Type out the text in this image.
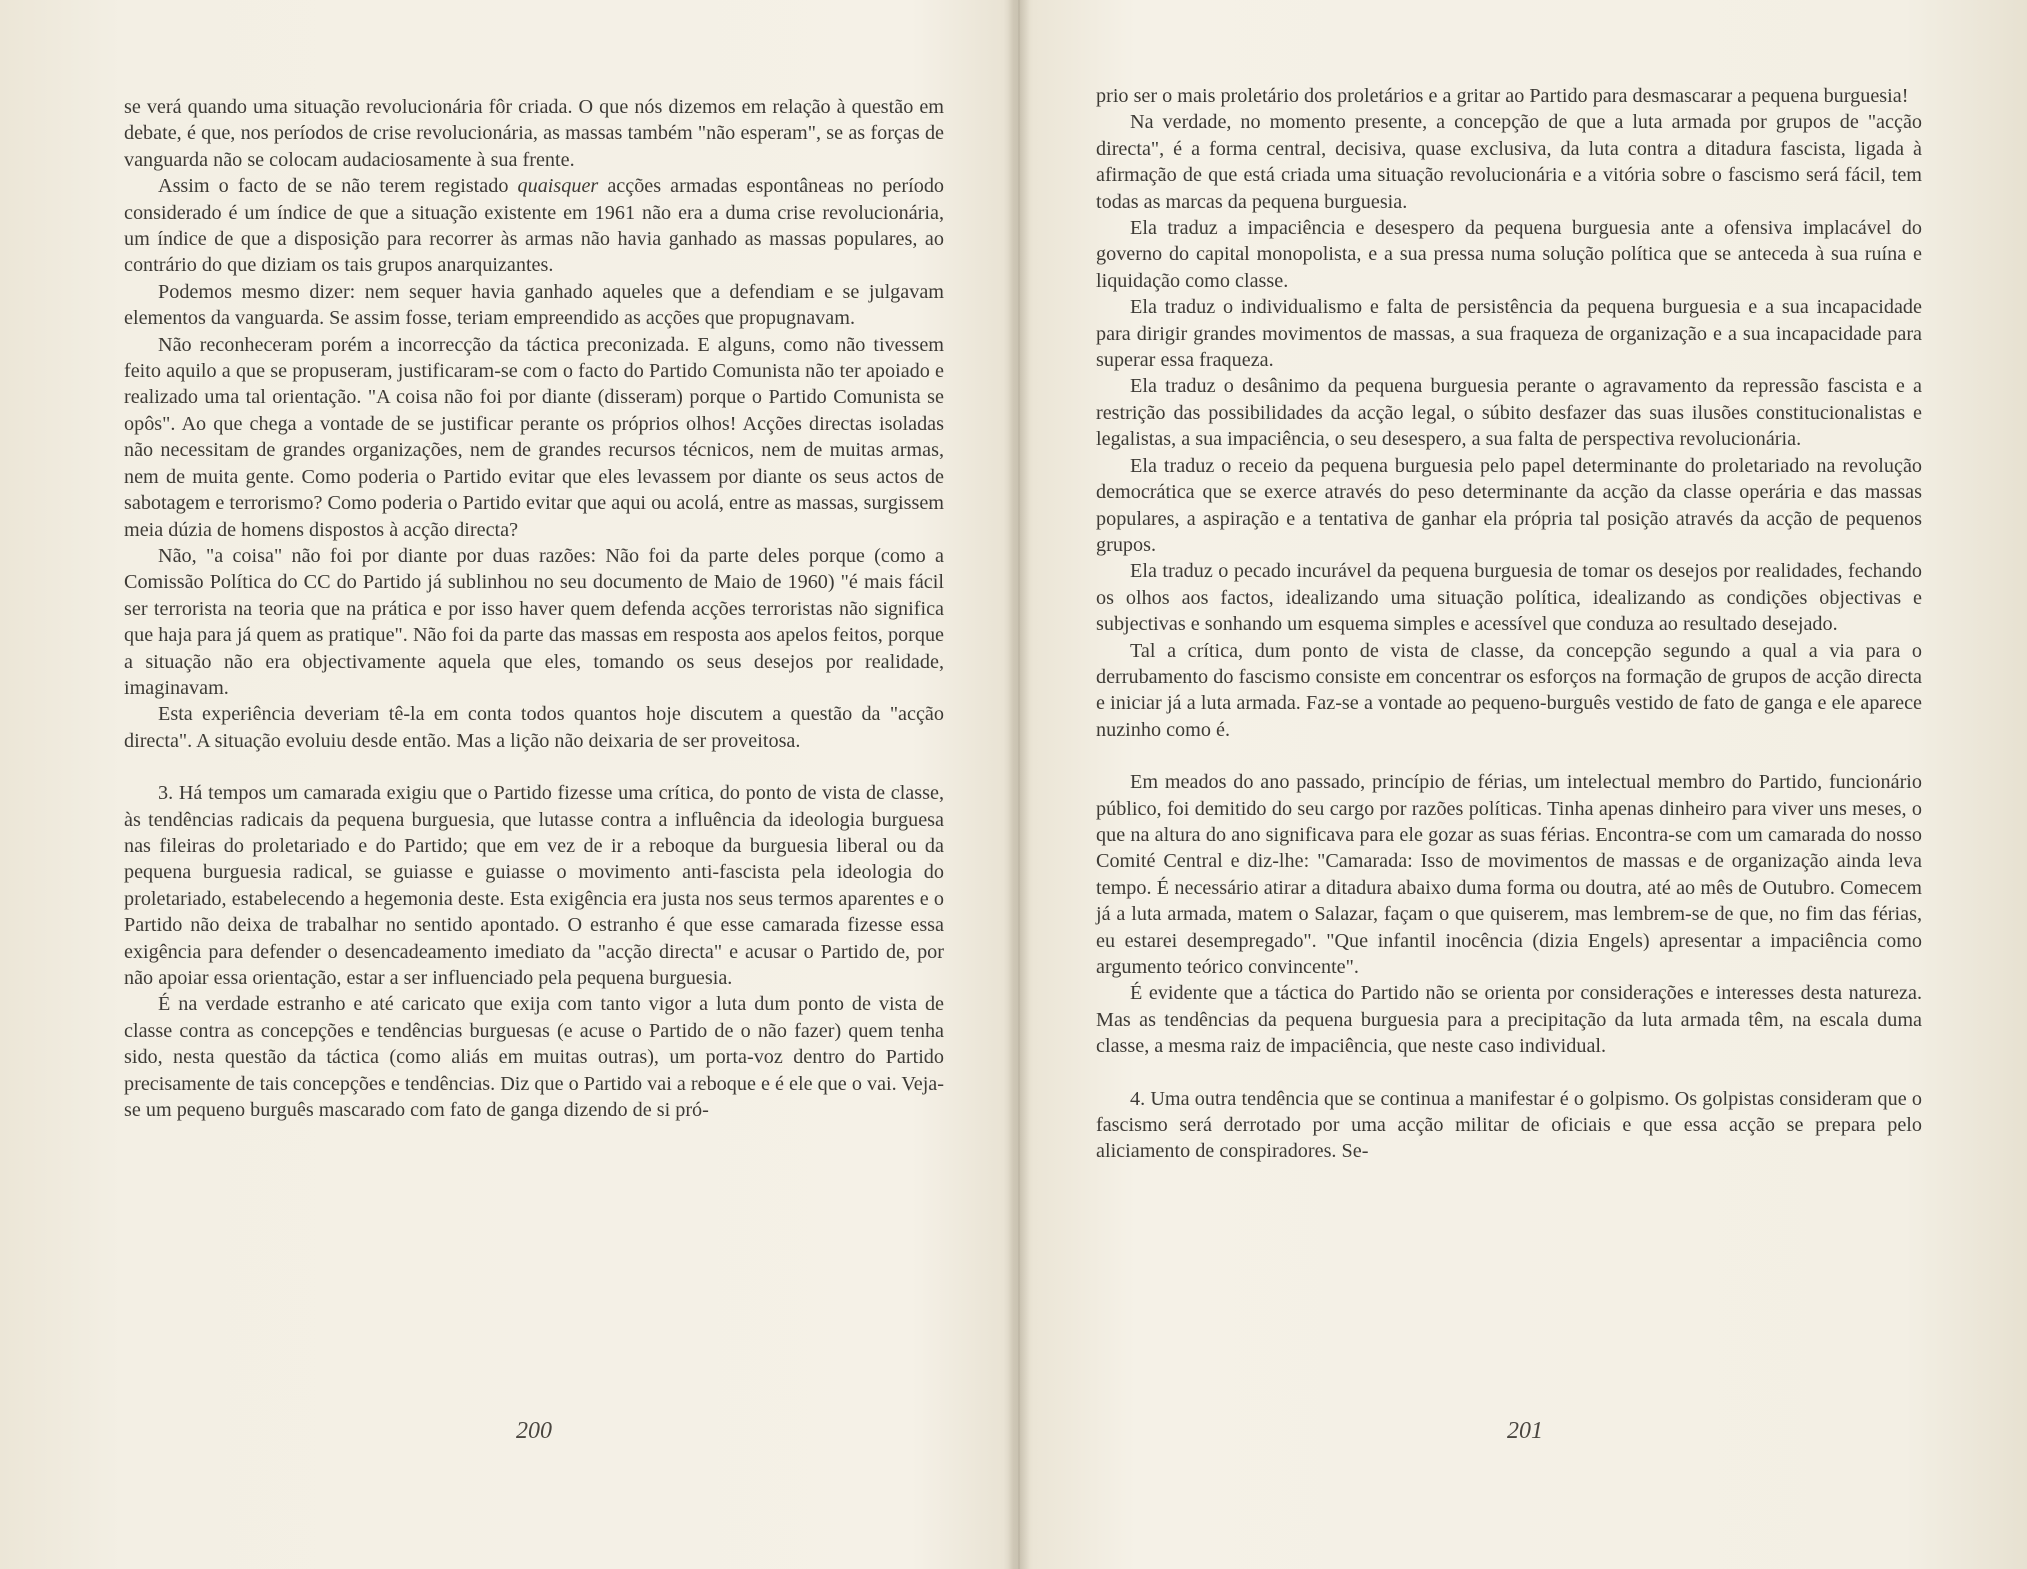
se verá quando uma situação revolucionária fôr criada. O que nós dizemos em relação à questão em debate, é que, nos períodos de crise revolucionária, as massas também "não esperam", se as forças de vanguarda não se colocam audaciosamente à sua frente.

Assim o facto de se não terem registado quaisquer acções armadas espontâneas no período considerado é um índice de que a situação existente em 1961 não era a duma crise revolucionária, um índice de que a disposição para recorrer às armas não havia ganhado as massas populares, ao contrário do que diziam os tais grupos anarquizantes.

Podemos mesmo dizer: nem sequer havia ganhado aqueles que a defendiam e se julgavam elementos da vanguarda. Se assim fosse, teriam empreendido as acções que propugnavam.

Não reconheceram porém a incorrecção da táctica preconizada. E alguns, como não tivessem feito aquilo a que se propuseram, justificaram-se com o facto do Partido Comunista não ter apoiado e realizado uma tal orientação. "A coisa não foi por diante (disseram) porque o Partido Comunista se opôs". Ao que chega a vontade de se justificar perante os próprios olhos! Acções directas isoladas não necessitam de grandes organizações, nem de grandes recursos técnicos, nem de muitas armas, nem de muita gente. Como poderia o Partido evitar que eles levassem por diante os seus actos de sabotagem e terrorismo? Como poderia o Partido evitar que aqui ou acolá, entre as massas, surgissem meia dúzia de homens dispostos à acção directa?

Não, "a coisa" não foi por diante por duas razões: Não foi da parte deles porque (como a Comissão Política do CC do Partido já sublinhou no seu documento de Maio de 1960) "é mais fácil ser terrorista na teoria que na prática e por isso haver quem defenda acções terroristas não significa que haja para já quem as pratique". Não foi da parte das massas em resposta aos apelos feitos, porque a situação não era objectivamente aquela que eles, tomando os seus desejos por realidade, imaginavam.

Esta experiência deveriam tê-la em conta todos quantos hoje discutem a questão da "acção directa". A situação evoluiu desde então. Mas a lição não deixaria de ser proveitosa.

3. Há tempos um camarada exigiu que o Partido fizesse uma crítica, do ponto de vista de classe, às tendências radicais da pequena burguesia, que lutasse contra a influência da ideologia burguesa nas fileiras do proletariado e do Partido; que em vez de ir a reboque da burguesia liberal ou da pequena burguesia radical, se guiasse e guiasse o movimento anti-fascista pela ideologia do proletariado, estabelecendo a hegemonia deste. Esta exigência era justa nos seus termos aparentes e o Partido não deixa de trabalhar no sentido apontado. O estranho é que esse camarada fizesse essa exigência para defender o desencadeamento imediato da "acção directa" e acusar o Partido de, por não apoiar essa orientação, estar a ser influenciado pela pequena burguesia.

É na verdade estranho e até caricato que exija com tanto vigor a luta dum ponto de vista de classe contra as concepções e tendências burguesas (e acuse o Partido de o não fazer) quem tenha sido, nesta questão da táctica (como aliás em muitas outras), um porta-voz dentro do Partido precisamente de tais concepções e tendências. Diz que o Partido vai a reboque e é ele que o vai. Veja-se um pequeno burguês mascarado com fato de ganga dizendo de si pró-

200

prio ser o mais proletário dos proletários e a gritar ao Partido para desmascarar a pequena burguesia!

Na verdade, no momento presente, a concepção de que a luta armada por grupos de "acção directa", é a forma central, decisiva, quase exclusiva, da luta contra a ditadura fascista, ligada à afirmação de que está criada uma situação revolucionária e a vitória sobre o fascismo será fácil, tem todas as marcas da pequena burguesia.

Ela traduz a impaciência e desespero da pequena burguesia ante a ofensiva implacável do governo do capital monopolista, e a sua pressa numa solução política que se anteceda à sua ruína e liquidação como classe.

Ela traduz o individualismo e falta de persistência da pequena burguesia e a sua incapacidade para dirigir grandes movimentos de massas, a sua fraqueza de organização e a sua incapacidade para superar essa fraqueza.

Ela traduz o desânimo da pequena burguesia perante o agravamento da repressão fascista e a restrição das possibilidades da acção legal, o súbito desfazer das suas ilusões constitucionalistas e legalistas, a sua impaciência, o seu desespero, a sua falta de perspectiva revolucionária.

Ela traduz o receio da pequena burguesia pelo papel determinante do proletariado na revolução democrática que se exerce através do peso determinante da acção da classe operária e das massas populares, a aspiração e a tentativa de ganhar ela própria tal posição através da acção de pequenos grupos.

Ela traduz o pecado incurável da pequena burguesia de tomar os desejos por realidades, fechando os olhos aos factos, idealizando uma situação política, idealizando as condições objectivas e subjectivas e sonhando um esquema simples e acessível que conduza ao resultado desejado.

Tal a crítica, dum ponto de vista de classe, da concepção segundo a qual a via para o derrubamento do fascismo consiste em concentrar os esforços na formação de grupos de acção directa e iniciar já a luta armada. Faz-se a vontade ao pequeno-burguês vestido de fato de ganga e ele aparece nuzinho como é.

Em meados do ano passado, princípio de férias, um intelectual membro do Partido, funcionário público, foi demitido do seu cargo por razões políticas. Tinha apenas dinheiro para viver uns meses, o que na altura do ano significava para ele gozar as suas férias. Encontra-se com um camarada do nosso Comité Central e diz-lhe: "Camarada: Isso de movimentos de massas e de organização ainda leva tempo. É necessário atirar a ditadura abaixo duma forma ou doutra, até ao mês de Outubro. Comecem já a luta armada, matem o Salazar, façam o que quiserem, mas lembrem-se de que, no fim das férias, eu estarei desempregado". "Que infantil inocência (dizia Engels) apresentar a impaciência como argumento teórico convincente".

É evidente que a táctica do Partido não se orienta por considerações e interesses desta natureza. Mas as tendências da pequena burguesia para a precipitação da luta armada têm, na escala duma classe, a mesma raiz de impaciência, que neste caso individual.

4. Uma outra tendência que se continua a manifestar é o golpismo. Os golpistas consideram que o fascismo será derrotado por uma acção militar de oficiais e que essa acção se prepara pelo aliciamento de conspiradores. Se-

201
